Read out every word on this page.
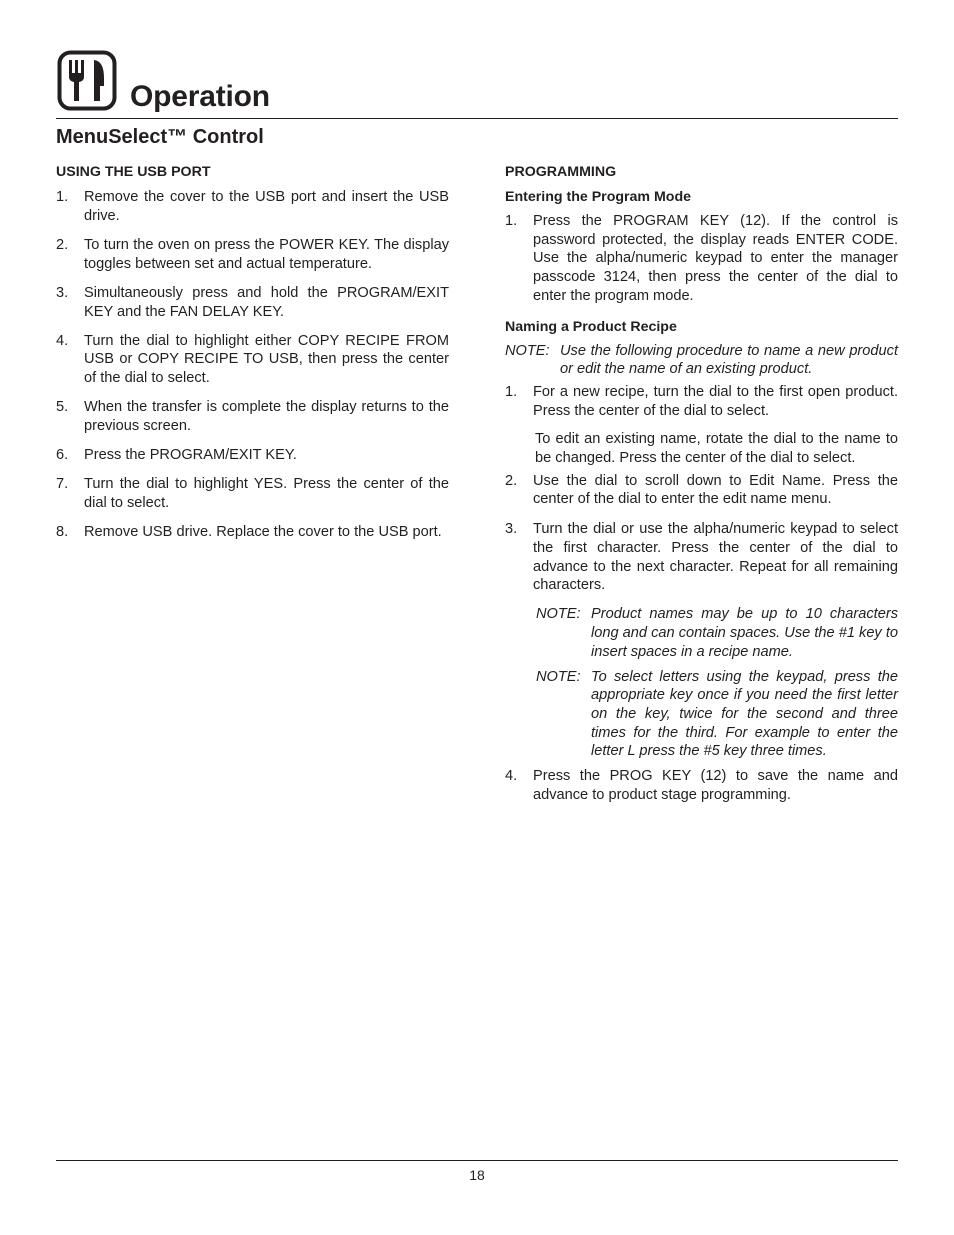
Operation
MenuSelect™ Control
USING THE USB PORT
1.	Remove the cover to the USB port and insert the USB drive.
2.	To turn the oven on press the POWER KEY. The display toggles between set and actual temperature.
3.	Simultaneously press and hold the PROGRAM/EXIT KEY and the FAN DELAY KEY.
4.	Turn the dial to highlight either COPY RECIPE FROM USB or COPY RECIPE TO USB, then press the center of the dial to select.
5.	When the transfer is complete the display returns to the previous screen.
6.	Press the PROGRAM/EXIT KEY.
7.	Turn the dial to highlight YES. Press the center of the dial to select.
8.	Remove USB drive. Replace the cover to the USB port.
PROGRAMMING
Entering the Program Mode
1.	Press the PROGRAM KEY (12). If the control is password protected, the display reads ENTER CODE. Use the alpha/numeric keypad to enter the manager passcode 3124, then press the center of the dial to enter the program mode.
Naming a Product Recipe
NOTE: Use the following procedure to name a new product or edit the name of an existing product.
1.	For a new recipe, turn the dial to the first open product. Press the center of the dial to select.
To edit an existing name, rotate the dial to the name to be changed. Press the center of the dial to select.
2.	Use the dial to scroll down to Edit Name. Press the center of the dial to enter the edit name menu.
3.	Turn the dial or use the alpha/numeric keypad to select the first character. Press the center of the dial to advance to the next character. Repeat for all remaining characters.
NOTE: Product names may be up to 10 characters long and can contain spaces. Use the #1 key to insert spaces in a recipe name.
NOTE: To select letters using the keypad, press the appropriate key once if you need the first letter on the key, twice for the second and three times for the third. For example to enter the letter L press the #5 key three times.
4.	Press the PROG KEY (12) to save the name and advance to product stage programming.
18
